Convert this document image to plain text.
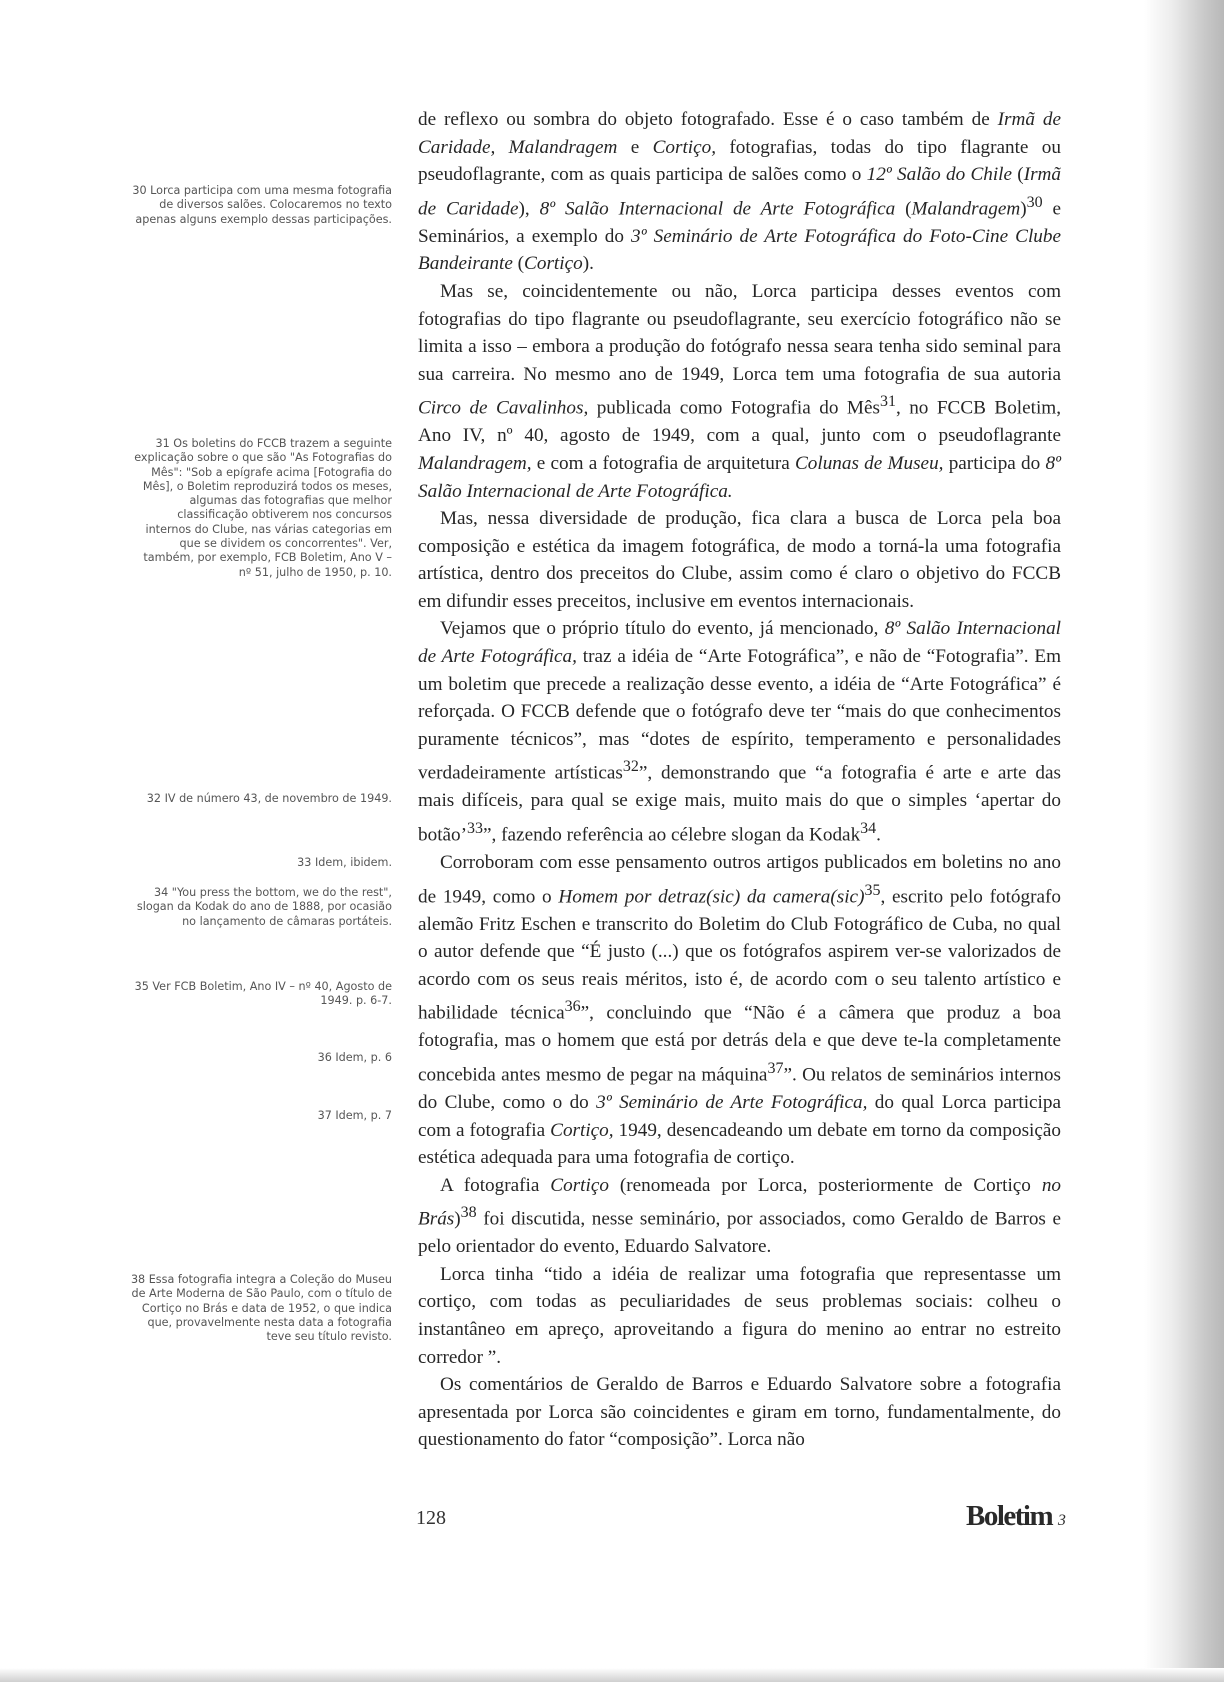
30 Lorca participa com uma mesma fotografia de diversos salões. Colocaremos no texto apenas alguns exemplo dessas participações.

31 Os boletins do FCCB trazem a seguinte explicação sobre o que são "As Fotografias do Mês": "Sob a epígrafe acima [Fotografia do Mês], o Boletim reproduzirá todos os meses, algumas das fotografias que melhor classificação obtiverem nos concursos internos do Clube, nas várias categorias em que se dividem os concorrentes". Ver, também, por exemplo, FCB Boletim, Ano V – nº 51, julho de 1950, p. 10.

32 IV de número 43, de novembro de 1949.

33 Idem, ibidem.

34 "You press the bottom, we do the rest", slogan da Kodak do ano de 1888, por ocasião no lançamento de câmaras portáteis.

35 Ver FCB Boletim, Ano IV – nº 40, Agosto de 1949. p. 6-7.

36 Idem, p. 6

37 Idem, p. 7

38 Essa fotografia integra a Coleção do Museu de Arte Moderna de São Paulo, com o título de Cortiço no Brás e data de 1952, o que indica que, provavelmente nesta data a fotografia teve seu título revisto.

de reflexo ou sombra do objeto fotografado. Esse é o caso também de Irmã de Caridade, Malandragem e Cortiço, fotografias, todas do tipo flagrante ou pseudoflagrante, com as quais participa de salões como o 12º Salão do Chile (Irmã de Caridade), 8º Salão Internacional de Arte Fotográfica (Malandragem)$^{30}$ e Seminários, a exemplo do 3º Seminário de Arte Fotográfica do Foto-Cine Clube Bandeirante (Cortiço).

Mas se, coincidentemente ou não, Lorca participa desses eventos com fotografias do tipo flagrante ou pseudoflagrante, seu exercício fotográfico não se limita a isso – embora a produção do fotógrafo nessa seara tenha sido seminal para sua carreira. No mesmo ano de 1949, Lorca tem uma fotografia de sua autoria Circo de Cavalinhos, publicada como Fotografia do Mês$^{31}$, no FCCB Boletim, Ano IV, nº 40, agosto de 1949, com a qual, junto com o pseudoflagrante Malandragem, e com a fotografia de arquitetura Colunas de Museu, participa do 8º Salão Internacional de Arte Fotográfica.

Mas, nessa diversidade de produção, fica clara a busca de Lorca pela boa composição e estética da imagem fotográfica, de modo a torná-la uma fotografia artística, dentro dos preceitos do Clube, assim como é claro o objetivo do FCCB em difundir esses preceitos, inclusive em eventos internacionais.

Vejamos que o próprio título do evento, já mencionado, 8º Salão Internacional de Arte Fotográfica, traz a idéia de “Arte Fotográfica”, e não de “Fotografia”. Em um boletim que precede a realização desse evento, a idéia de “Arte Fotográfica” é reforçada. O FCCB defende que o fotógrafo deve ter “mais do que conhecimentos puramente técnicos”, mas “dotes de espírito, temperamento e personalidades verdadeiramente artísticas$^{32}$”, demonstrando que “a fotografia é arte e arte das mais difíceis, para qual se exige mais, muito mais do que o simples ‘apertar do botão’$^{33}$”, fazendo referência ao célebre slogan da Kodak$^{34}$.

Corroboram com esse pensamento outros artigos publicados em boletins no ano de 1949, como o Homem por detraz(sic) da camera(sic)$^{35}$, escrito pelo fotógrafo alemão Fritz Eschen e transcrito do Boletim do Club Fotográfico de Cuba, no qual o autor defende que “É justo (...) que os fotógrafos aspirem ver-se valorizados de acordo com os seus reais méritos, isto é, de acordo com o seu talento artístico e habilidade técnica$^{36}$”, concluindo que “Não é a câmera que produz a boa fotografia, mas o homem que está por detrás dela e que deve te-la completamente concebida antes mesmo de pegar na máquina$^{37}$”. Ou relatos de seminários internos do Clube, como o do 3º Seminário de Arte Fotográfica, do qual Lorca participa com a fotografia Cortiço, 1949, desencadeando um debate em torno da composição estética adequada para uma fotografia de cortiço.

A fotografia Cortiço (renomeada por Lorca, posteriormente de Cortiço no Brás)$^{38}$ foi discutida, nesse seminário, por associados, como Geraldo de Barros e pelo orientador do evento, Eduardo Salvatore.

Lorca tinha “tido a idéia de realizar uma fotografia que representasse um cortiço, com todas as peculiaridades de seus problemas sociais: colheu o instantâneo em apreço, aproveitando a figura do menino ao entrar no estreito corredor ”.

Os comentários de Geraldo de Barros e Eduardo Salvatore sobre a fotografia apresentada por Lorca são coincidentes e giram em torno, fundamentalmente, do questionamento do fator “composição”. Lorca não

128	Boletim 3
